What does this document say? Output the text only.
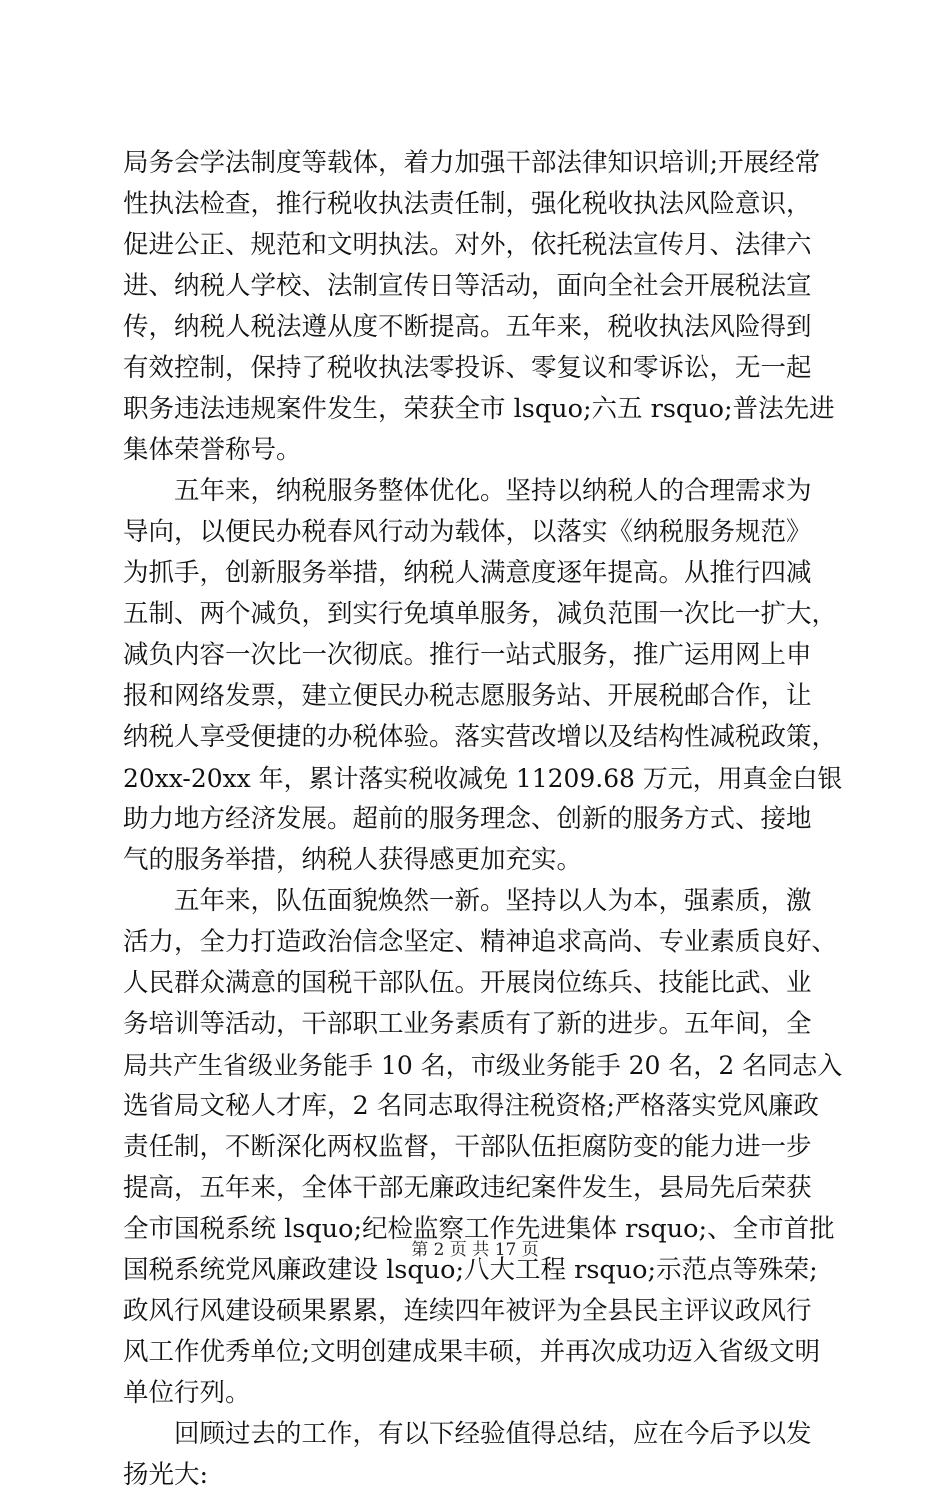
局务会学法制度等载体，着力加强干部法律知识培训;开展经常
性执法检查，推行税收执法责任制，强化税收执法风险意识，
促进公正、规范和文明执法。对外，依托税法宣传月、法律六
进、纳税人学校、法制宣传日等活动，面向全社会开展税法宣
传，纳税人税法遵从度不断提高。五年来，税收执法风险得到
有效控制，保持了税收执法零投诉、零复议和零诉讼，无一起
职务违法违规案件发生，荣获全市 lsquo;六五 rsquo;普法先进
集体荣誉称号。
　　五年来，纳税服务整体优化。坚持以纳税人的合理需求为
导向，以便民办税春风行动为载体，以落实《纳税服务规范》
为抓手，创新服务举措，纳税人满意度逐年提高。从推行四减
五制、两个减负，到实行免填单服务，减负范围一次比一扩大，
减负内容一次比一次彻底。推行一站式服务，推广运用网上申
报和网络发票，建立便民办税志愿服务站、开展税邮合作，让
纳税人享受便捷的办税体验。落实营改增以及结构性减税政策，
20xx-20xx 年，累计落实税收减免 11209.68 万元，用真金白银
助力地方经济发展。超前的服务理念、创新的服务方式、接地
气的服务举措，纳税人获得感更加充实。
　　五年来，队伍面貌焕然一新。坚持以人为本，强素质，激
活力，全力打造政治信念坚定、精神追求高尚、专业素质良好、
人民群众满意的国税干部队伍。开展岗位练兵、技能比武、业
务培训等活动，干部职工业务素质有了新的进步。五年间，全
局共产生省级业务能手 10 名，市级业务能手 20 名，2 名同志入
选省局文秘人才库，2 名同志取得注税资格;严格落实党风廉政
责任制，不断深化两权监督，干部队伍拒腐防变的能力进一步
提高，五年来，全体干部无廉政违纪案件发生，县局先后荣获
全市国税系统 lsquo;纪检监察工作先进集体 rsquo;、全市首批
国税系统党风廉政建设 lsquo;八大工程 rsquo;示范点等殊荣;
政风行风建设硕果累累，连续四年被评为全县民主评议政风行
风工作优秀单位;文明创建成果丰硕，并再次成功迈入省级文明
单位行列。
　　回顾过去的工作，有以下经验值得总结，应在今后予以发
扬光大:
第 2 页 共 17 页
